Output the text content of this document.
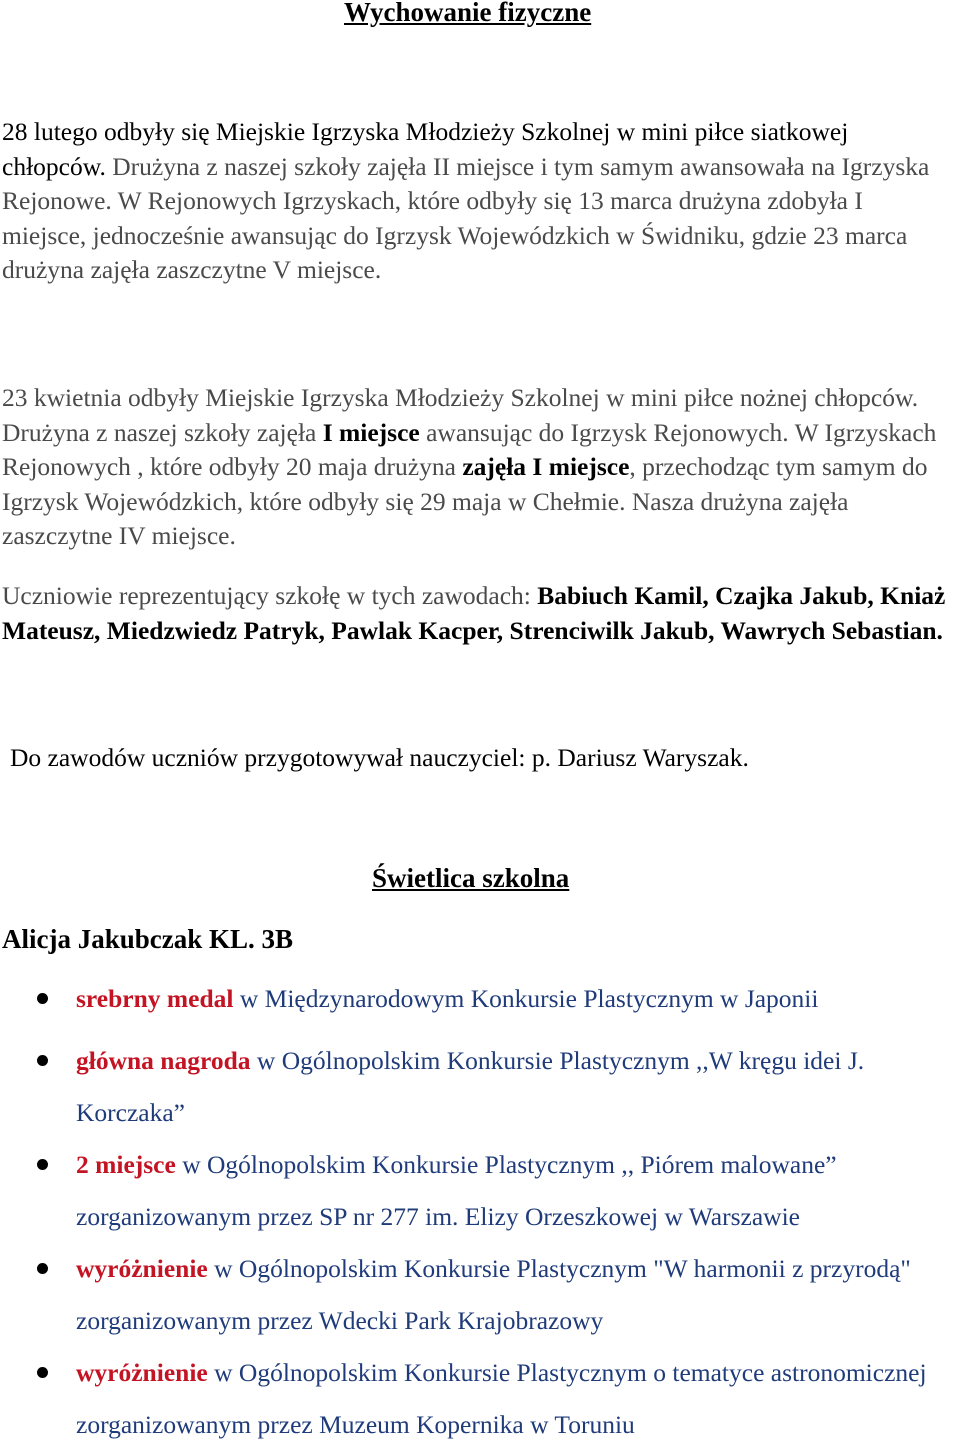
Wychowanie fizyczne

28 lutego odbyły się Miejskie Igrzyska Młodzieży Szkolnej w mini piłce siatkowej chłopców. Drużyna z naszej szkoły zajęła II miejsce i tym samym awansowała na Igrzyska Rejonowe. W Rejonowych Igrzyskach, które odbyły się 13 marca drużyna zdobyła I miejsce, jednocześnie awansując do Igrzysk Wojewódzkich w Świdniku, gdzie 23 marca drużyna zajęła zaszczytne V miejsce.

23 kwietnia odbyły Miejskie Igrzyska Młodzieży Szkolnej w mini piłce nożnej chłopców. Drużyna z naszej szkoły zajęła I miejsce awansując do Igrzysk Rejonowych. W Igrzyskach Rejonowych , które odbyły 20 maja drużyna zajęła I miejsce, przechodząc tym samym do Igrzysk Wojewódzkich, które odbyły się 29 maja w Chełmie. Nasza drużyna zajęła zaszczytne IV miejsce.

Uczniowie reprezentujący szkołę w tych zawodach: Babiuch Kamil, Czajka Jakub, Kniaż Mateusz, Miedzwiedz Patryk, Pawlak Kacper, Strenciwilk Jakub, Wawrych Sebastian.

Do zawodów uczniów przygotowywał nauczyciel: p. Dariusz Waryszak.

Świetlica szkolna
Alicja Jakubczak KL. 3B
srebrny medal w Międzynarodowym Konkursie Plastycznym w Japonii
główna nagroda w Ogólnopolskim Konkursie Plastycznym ,,W kręgu idei J. Korczaka”
2 miejsce w Ogólnopolskim Konkursie Plastycznym ,, Piórem malowane” zorganizowanym przez SP nr 277 im. Elizy Orzeszkowej w Warszawie
wyróżnienie w Ogólnopolskim Konkursie Plastycznym "W harmonii z przyrodą" zorganizowanym przez Wdecki Park Krajobrazowy
wyróżnienie w Ogólnopolskim Konkursie Plastycznym o tematyce astronomicznej zorganizowanym przez Muzeum Kopernika w Toruniu
